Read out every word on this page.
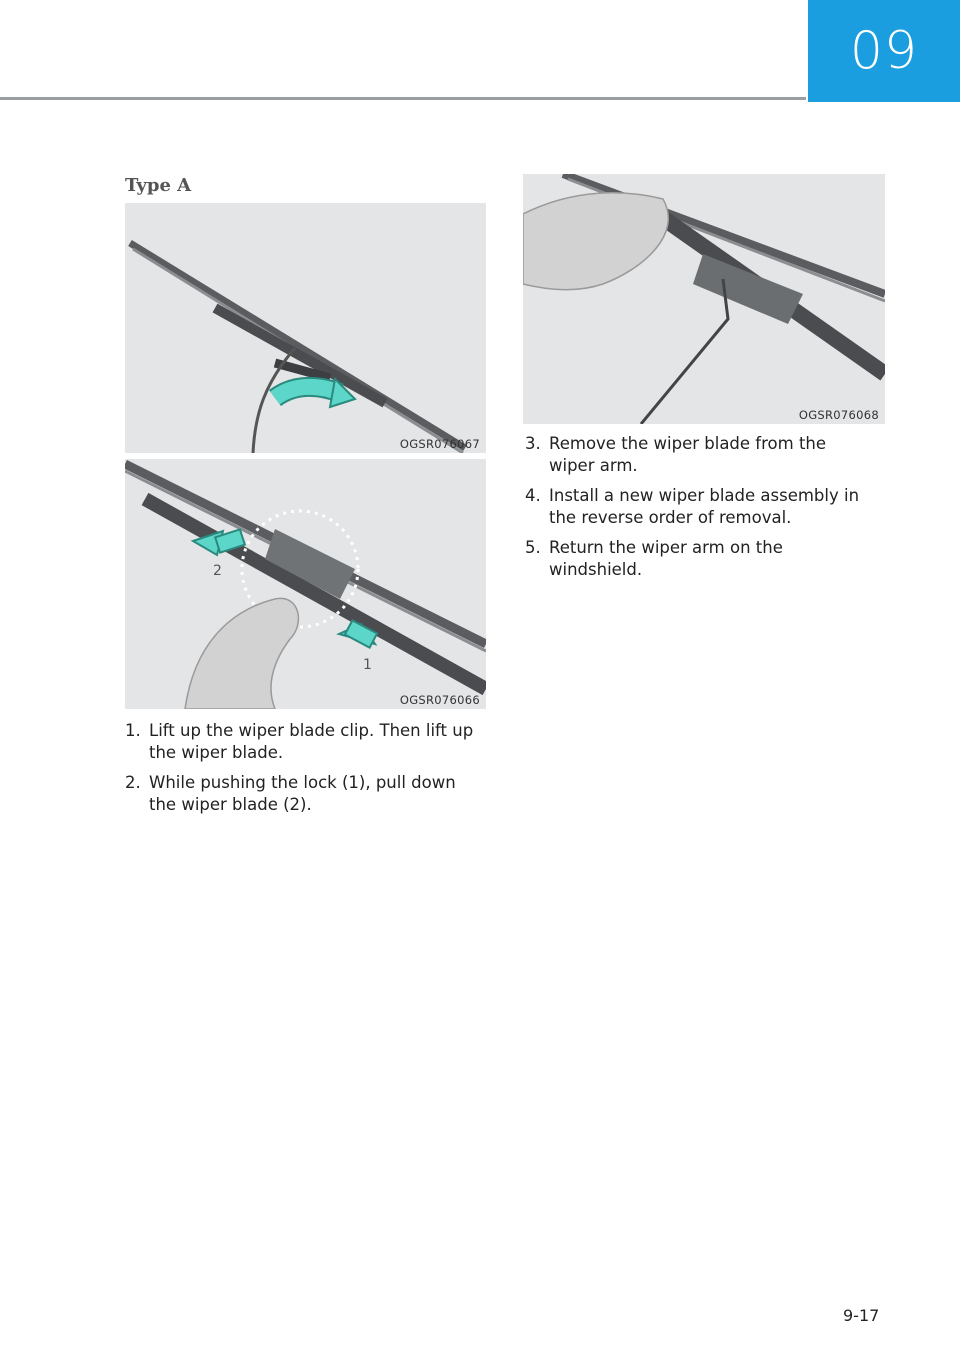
09
Type A
OGSR076067
2
1
OGSR076066
OGSR076068
1. Lift up the wiper blade clip. Then lift up the wiper blade.
2. While pushing the lock (1), pull down the wiper blade (2).
3. Remove the wiper blade from the wiper arm.
4. Install a new wiper blade assembly in the reverse order of removal.
5. Return the wiper arm on the windshield.
9-17
